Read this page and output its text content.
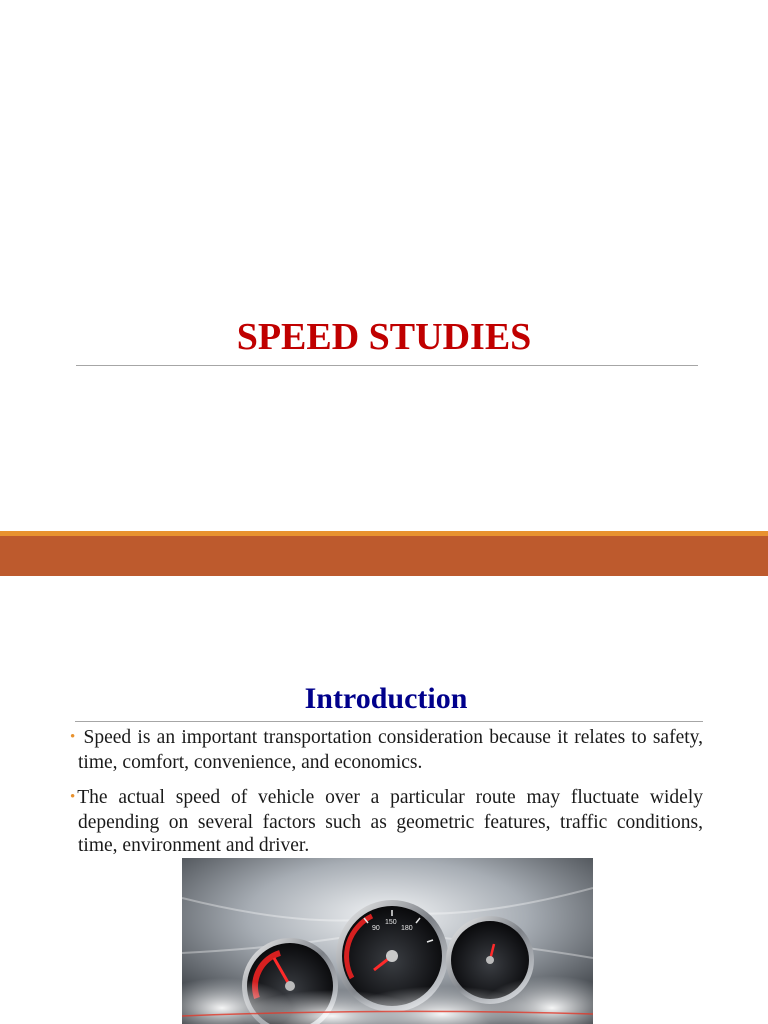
SPEED STUDIES
Introduction
• Speed is an important transportation consideration because it relates to safety, time, comfort, convenience, and economics.
• The actual speed of vehicle over a particular route may fluctuate widely depending on several factors such as geometric features, traffic conditions, time, environment and driver.
90
150
180
